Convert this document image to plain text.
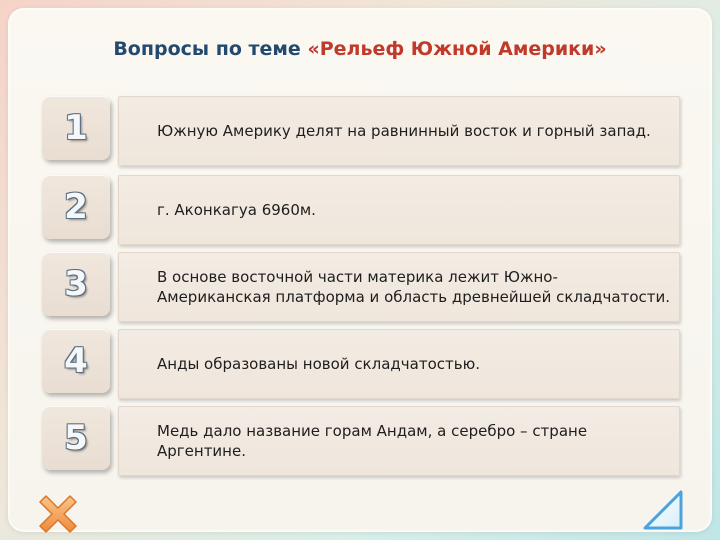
Вопросы по теме «Рельеф Южной Америки»
1	Южную Америку делят на равнинный восток и горный запад.
2	г. Аконкагуа 6960м.
3	В основе восточной части материка лежит Южно-Американская платформа и область древнейшей складчатости.
4	Анды образованы новой складчатостью.
5	Медь дало название горам Андам, а серебро – стране Аргентине.
